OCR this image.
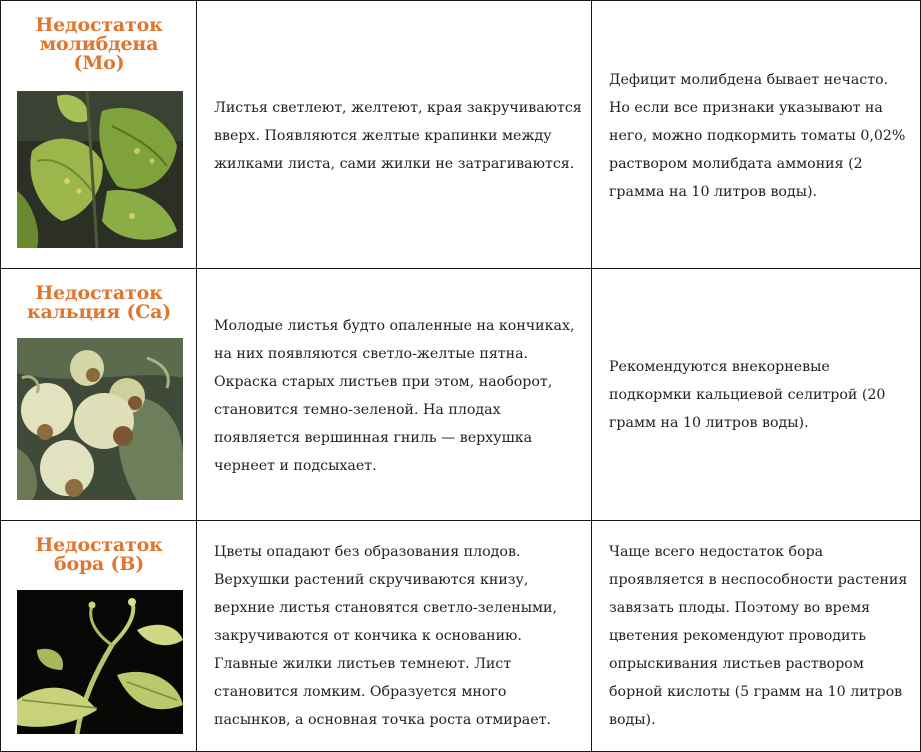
Недостаток
молибдена
(Mo)

Листья светлеют, желтеют, края закручиваются
вверх. Появляются желтые крапинки между
жилками листа, сами жилки не затрагиваются.

Дефицит молибдена бывает нечасто.
Но если все признаки указывают на
него, можно подкормить томаты 0,02%
раствором молибдата аммония (2
грамма на 10 литров воды).

Недостаток
кальция (Ca)

Молодые листья будто опаленные на кончиках,
на них появляются светло-желтые пятна.
Окраска старых листьев при этом, наоборот,
становится темно-зеленой. На плодах
появляется вершинная гниль — верхушка
чернеет и подсыхает.

Рекомендуются внекорневые
подкормки кальциевой селитрой (20
грамм на 10 литров воды).

Недостаток
бора (B)

Цветы опадают без образования плодов.
Верхушки растений скручиваются книзу,
верхние листья становятся светло-зелеными,
закручиваются от кончика к основанию.
Главные жилки листьев темнеют. Лист
становится ломким. Образуется много
пасынков, а основная точка роста отмирает.

Чаще всего недостаток бора
проявляется в неспособности растения
завязать плоды. Поэтому во время
цветения рекомендуют проводить
опрыскивания листьев раствором
борной кислоты (5 грамм на 10 литров
воды).
